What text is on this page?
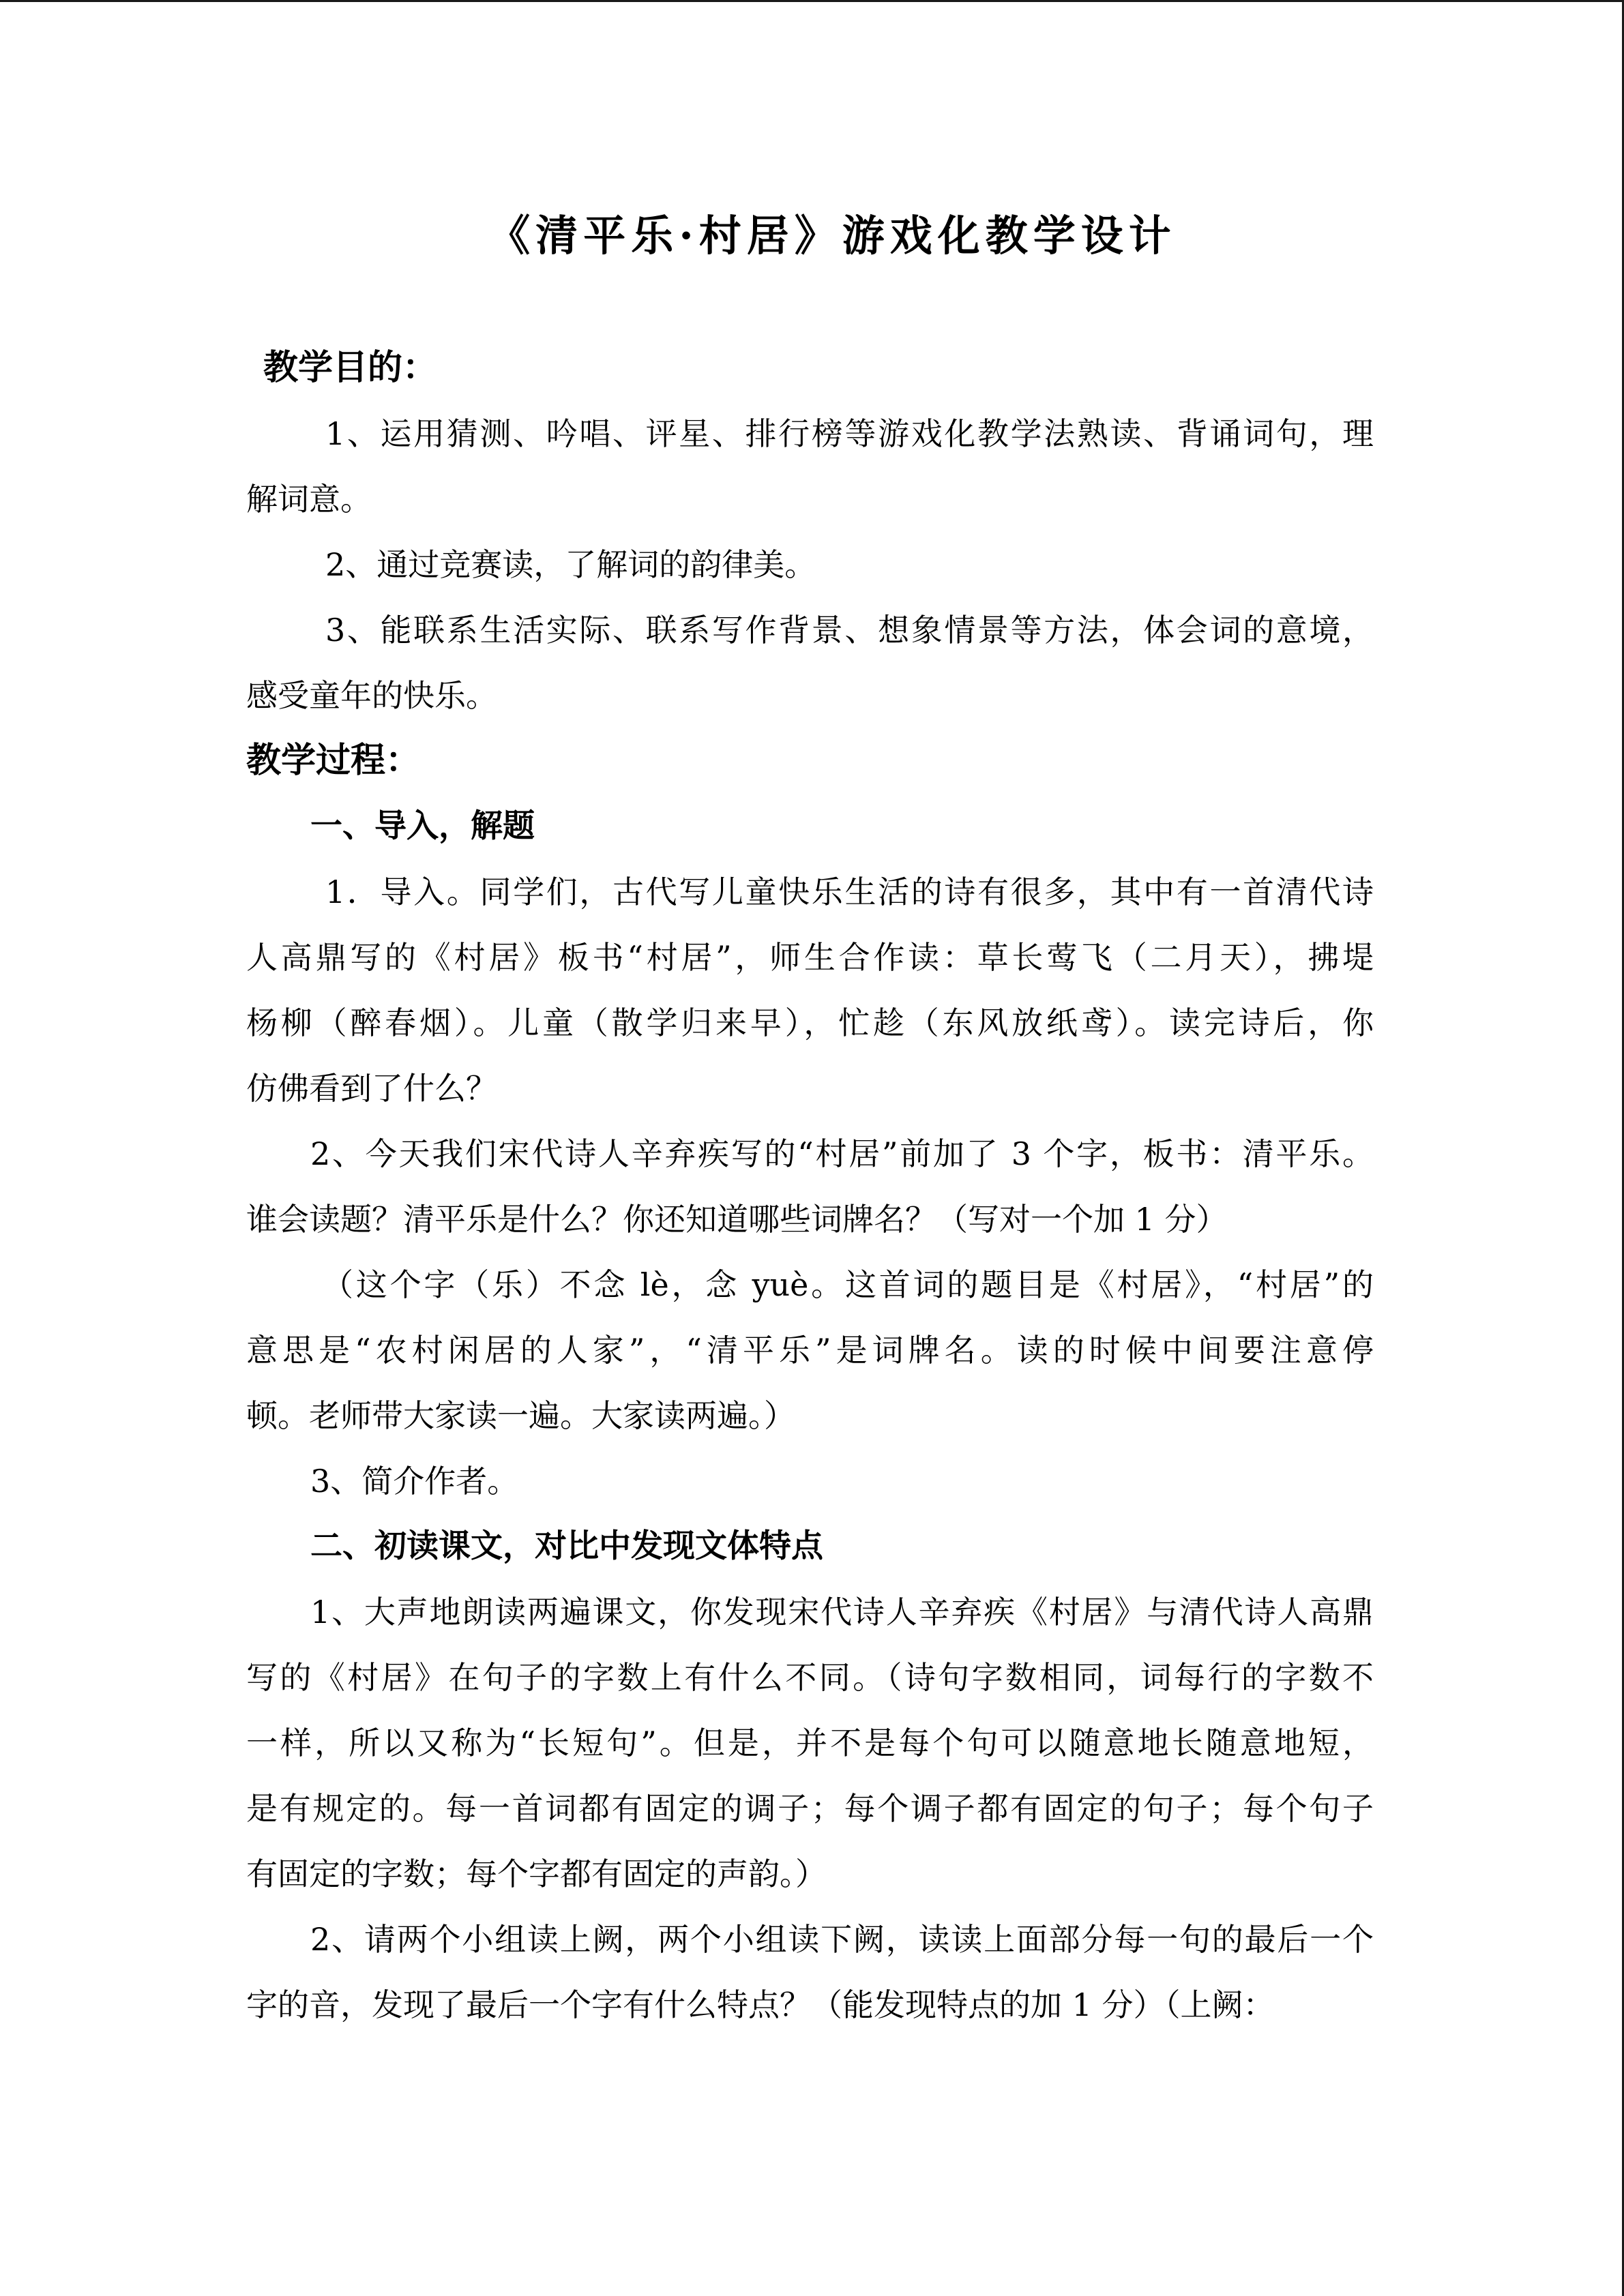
《清平乐·村居》游戏化教学设计
教学目的：
1、运用猜测、吟唱、评星、排行榜等游戏化教学法熟读、背诵词句，理
解词意。
2、通过竞赛读，了解词的韵律美。
3、能联系生活实际、联系写作背景、想象情景等方法，体会词的意境，
感受童年的快乐。
教学过程：
一、导入，解题
1．导入。同学们，古代写儿童快乐生活的诗有很多，其中有一首清代诗
人高鼎写的《村居》板书“村居”，师生合作读：草长莺飞（二月天），拂堤
杨柳（醉春烟）。儿童（散学归来早），忙趁（东风放纸鸢）。读完诗后，你
仿佛看到了什么？
2、今天我们宋代诗人辛弃疾写的“村居”前加了 3 个字，板书：清平乐。
谁会读题？清平乐是什么？你还知道哪些词牌名？（写对一个加 1 分）
（这个字（乐）不念 lè，念 yuè。这首词的题目是《村居》，“村居”的
意思是“农村闲居的人家”，“清平乐”是词牌名。读的时候中间要注意停
顿。老师带大家读一遍。大家读两遍。）
3、简介作者。
二、初读课文，对比中发现文体特点
1、大声地朗读两遍课文，你发现宋代诗人辛弃疾《村居》与清代诗人高鼎
写的《村居》在句子的字数上有什么不同。（诗句字数相同，词每行的字数不
一样，所以又称为“长短句”。但是，并不是每个句可以随意地长随意地短，
是有规定的。每一首词都有固定的调子；每个调子都有固定的句子；每个句子
有固定的字数；每个字都有固定的声韵。）
2、请两个小组读上阙，两个小组读下阙，读读上面部分每一句的最后一个
字的音，发现了最后一个字有什么特点？（能发现特点的加 1 分）（上阙：
